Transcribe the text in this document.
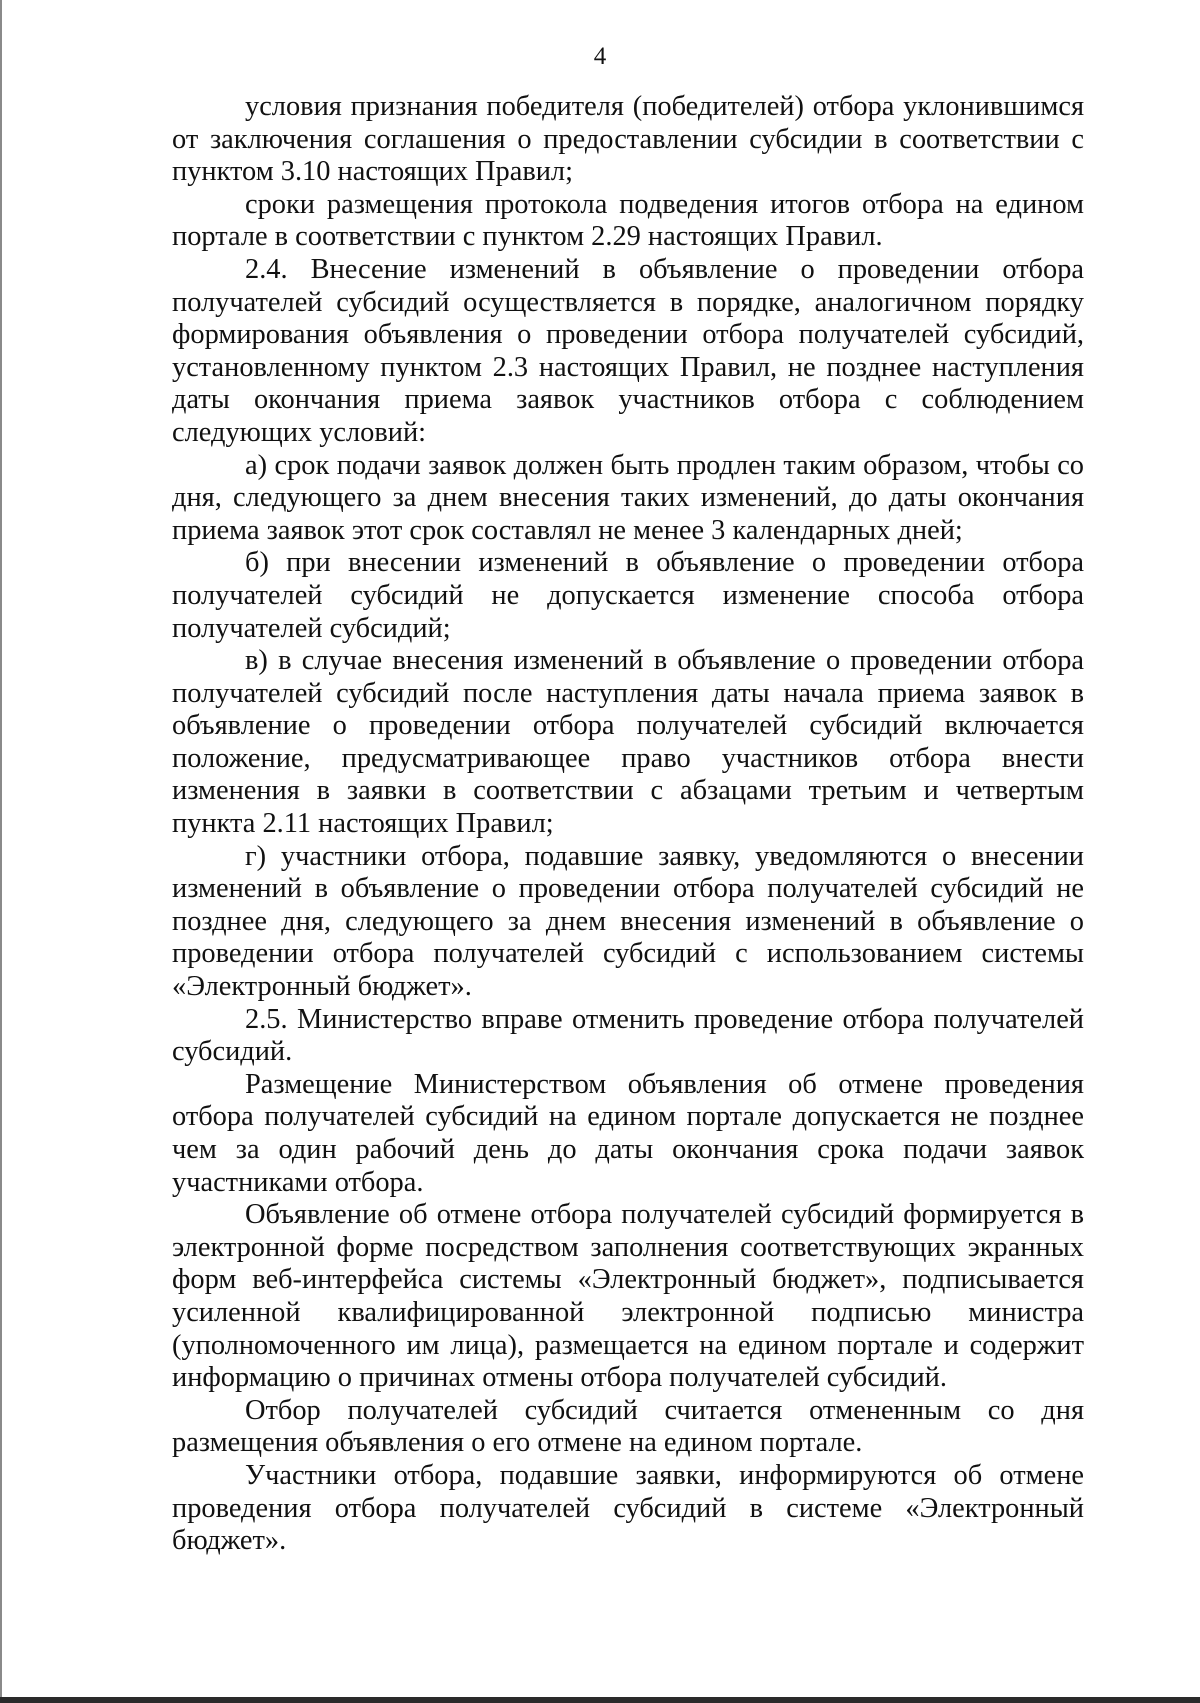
4

условия признания победителя (победителей) отбора уклонившимся от заключения соглашения о предоставлении субсидии в соответствии с пунктом 3.10 настоящих Правил;

сроки размещения протокола подведения итогов отбора на едином портале в соответствии с пунктом 2.29 настоящих Правил.

2.4. Внесение изменений в объявление о проведении отбора получателей субсидий осуществляется в порядке, аналогичном порядку формирования объявления о проведении отбора получателей субсидий, установленному пунктом 2.3 настоящих Правил, не позднее наступления даты окончания приема заявок участников отбора с соблюдением следующих условий:

а) срок подачи заявок должен быть продлен таким образом, чтобы со дня, следующего за днем внесения таких изменений, до даты окончания приема заявок этот срок составлял не менее 3 календарных дней;

б) при внесении изменений в объявление о проведении отбора получателей субсидий не допускается изменение способа отбора получателей субсидий;

в) в случае внесения изменений в объявление о проведении отбора получателей субсидий после наступления даты начала приема заявок в объявление о проведении отбора получателей субсидий включается положение, предусматривающее право участников отбора внести изменения в заявки в соответствии с абзацами третьим и четвертым пункта 2.11 настоящих Правил;

г) участники отбора, подавшие заявку, уведомляются о внесении изменений в объявление о проведении отбора получателей субсидий не позднее дня, следующего за днем внесения изменений в объявление о проведении отбора получателей субсидий с использованием системы «Электронный бюджет».

2.5. Министерство вправе отменить проведение отбора получателей субсидий.

Размещение Министерством объявления об отмене проведения отбора получателей субсидий на едином портале допускается не позднее чем за один рабочий день до даты окончания срока подачи заявок участниками отбора.

Объявление об отмене отбора получателей субсидий формируется в электронной форме посредством заполнения соответствующих экранных форм веб-интерфейса системы «Электронный бюджет», подписывается усиленной квалифицированной электронной подписью министра (уполномоченного им лица), размещается на едином портале и содержит информацию о причинах отмены отбора получателей субсидий.

Отбор получателей субсидий считается отмененным со дня размещения объявления о его отмене на едином портале.

Участники отбора, подавшие заявки, информируются об отмене проведения отбора получателей субсидий в системе «Электронный бюджет».
